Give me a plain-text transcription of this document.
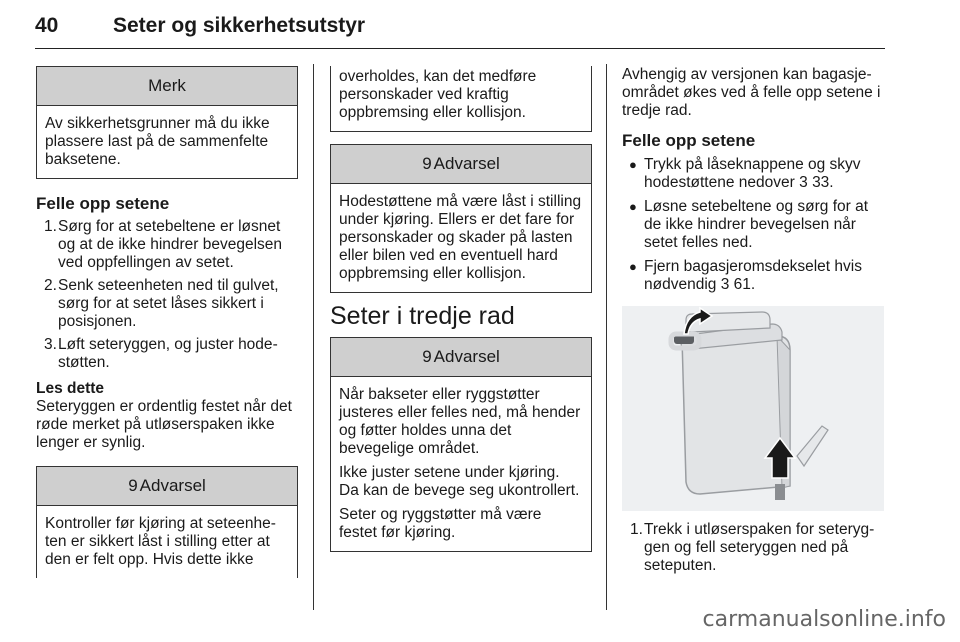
40	Seter og sikkerhetsutstyr
Merk

Av sikkerhetsgrunner må du ikke plassere last på de sammenfelte baksetene.

Felle opp setene
1. Sørg for at setebeltene er løsnet og at de ikke hindrer bevegelsen ved oppfellingen av setet.
2. Senk seteenheten ned til gulvet, sørg for at setet låses sikkert i posisjonen.
3. Løft seteryggen, og juster hodestøtten.
Les dette
Seteryggen er ordentlig festet når det røde merket på utløserspaken ikke lenger er synlig.
9 Advarsel

Kontroller før kjøring at seteenheten er sikkert låst i stilling etter at den er felt opp. Hvis dette ikke

overholdes, kan det medføre personskader ved kraftig oppbremsing eller kollisjon.

9 Advarsel

Hodestøttene må være låst i stilling under kjøring. Ellers er det fare for personskader og skader på lasten eller bilen ved en eventuell hard oppbremsing eller kollisjon.

Seter i tredje rad
9 Advarsel

Når bakseter eller ryggstøtter justeres eller felles ned, må hender og føtter holdes unna det bevegelige området.

Ikke juster setene under kjøring. Da kan de bevege seg ukontrollert.

Seter og ryggstøtter må være festet før kjøring.

Avhengig av versjonen kan bagasjeområdet økes ved å felle opp setene i tredje rad.
Felle opp setene
● Trykk på låseknappene og skyv hodestøttene nedover 3 33.
● Løsne setebeltene og sørg for at de ikke hindrer bevegelsen når setet felles ned.
● Fjern bagasjeromsdekselet hvis nødvendig 3 61.
1. Trekk i utløserspaken for seteryggen og fell seteryggen ned på seteputen.
carmanualsonline.info
